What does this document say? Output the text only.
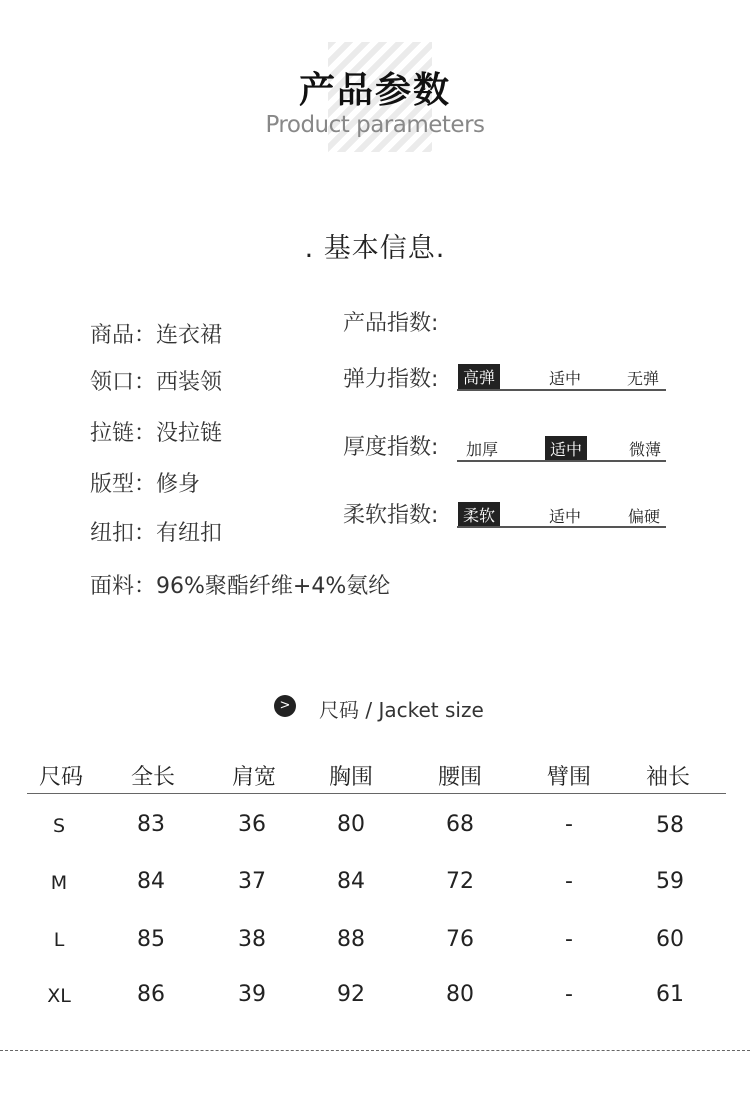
产品参数
Product parameters
. 基本信息.
商品：连衣裙
领口：西装领
拉链：没拉链
版型：修身
纽扣：有纽扣
面料：96%聚酯纤维+4%氨纶
产品指数:
弹力指数:	高弹	适中	无弹
厚度指数: 加厚	适中	微薄
柔软指数:	柔软	适中	偏硬
> 尺码 / Jacket size
尺码	全长	肩宽	胸围	腰围	臂围	袖长
S	83	36	80	68	-	58
M	84	37	84	72	-	59
L	85	38	88	76	-	60
XL	86	39	92	80	-	61
